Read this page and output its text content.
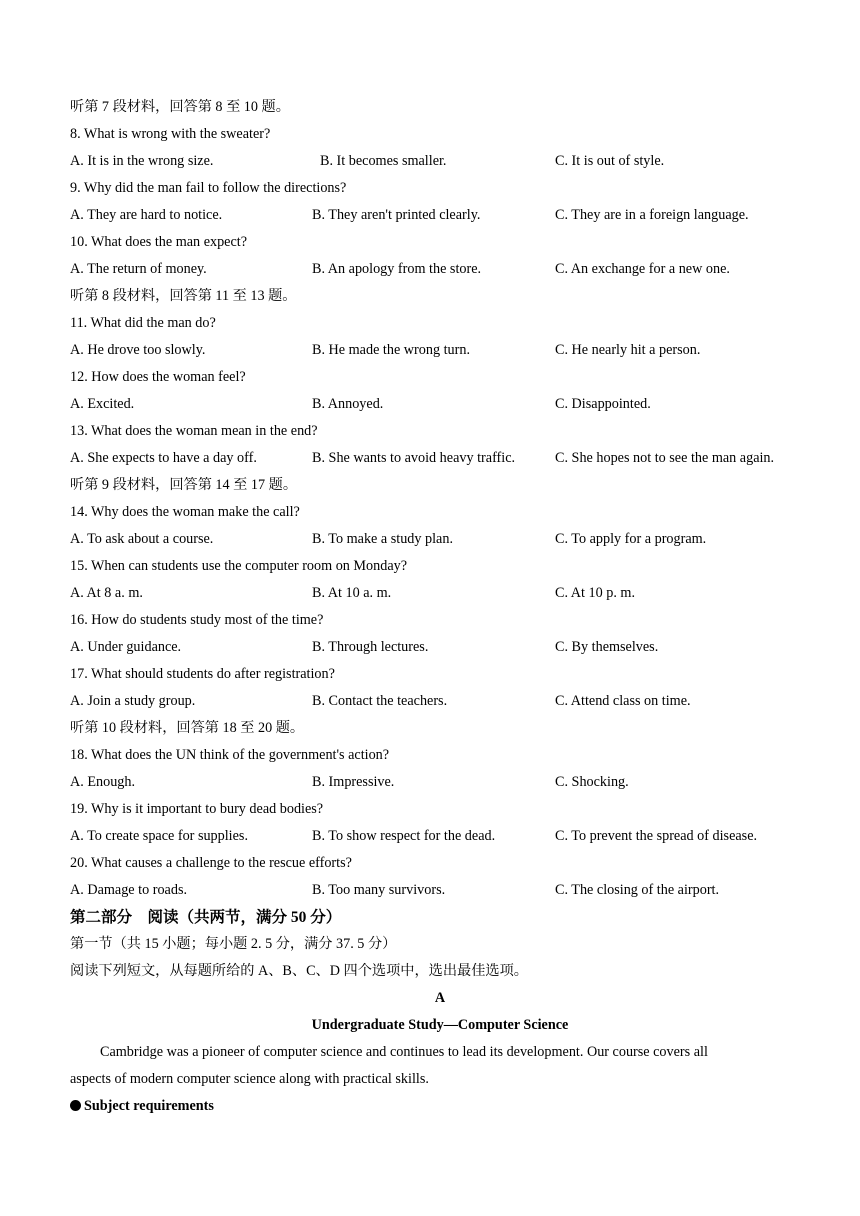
听第 7 段材料，回答第 8 至 10 题。
8. What is wrong with the sweater?
A. It is in the wrong size.	B. It becomes smaller.	C. It is out of style.
9. Why did the man fail to follow the directions?
A. They are hard to notice.	B. They aren't printed clearly.	C. They are in a foreign language.
10. What does the man expect?
A. The return of money.	B. An apology from the store.	C. An exchange for a new one.
听第 8 段材料，回答第 11 至 13 题。
11. What did the man do?
A. He drove too slowly.	B. He made the wrong turn.	C. He nearly hit a person.
12. How does the woman feel?
A. Excited.	B. Annoyed.	C. Disappointed.
13. What does the woman mean in the end?
A. She expects to have a day off.	B. She wants to avoid heavy traffic.	C. She hopes not to see the man again.
听第 9 段材料，回答第 14 至 17 题。
14. Why does the woman make the call?
A. To ask about a course.	B. To make a study plan.	C. To apply for a program.
15. When can students use the computer room on Monday?
A. At 8 a. m.	B. At 10 a. m.	C. At 10 p. m.
16. How do students study most of the time?
A. Under guidance.	B. Through lectures.	C. By themselves.
17. What should students do after registration?
A. Join a study group.	B. Contact the teachers.	C. Attend class on time.
听第 10 段材料，回答第 18 至 20 题。
18. What does the UN think of the government's action?
A. Enough.	B. Impressive.	C. Shocking.
19. Why is it important to bury dead bodies?
A. To create space for supplies.	B. To show respect for the dead.	C. To prevent the spread of disease.
20. What causes a challenge to the rescue efforts?
A. Damage to roads.	B. Too many survivors.	C. The closing of the airport.
第二部分　阅读（共两节，满分 50 分）
第一节（共 15 小题；每小题 2. 5 分，满分 37. 5 分）
阅读下列短文，从每题所给的 A、B、C、D 四个选项中，选出最佳选项。
A
Undergraduate Study—Computer Science
Cambridge was a pioneer of computer science and continues to lead its development. Our course covers all
aspects of modern computer science along with practical skills.
Subject requirements
